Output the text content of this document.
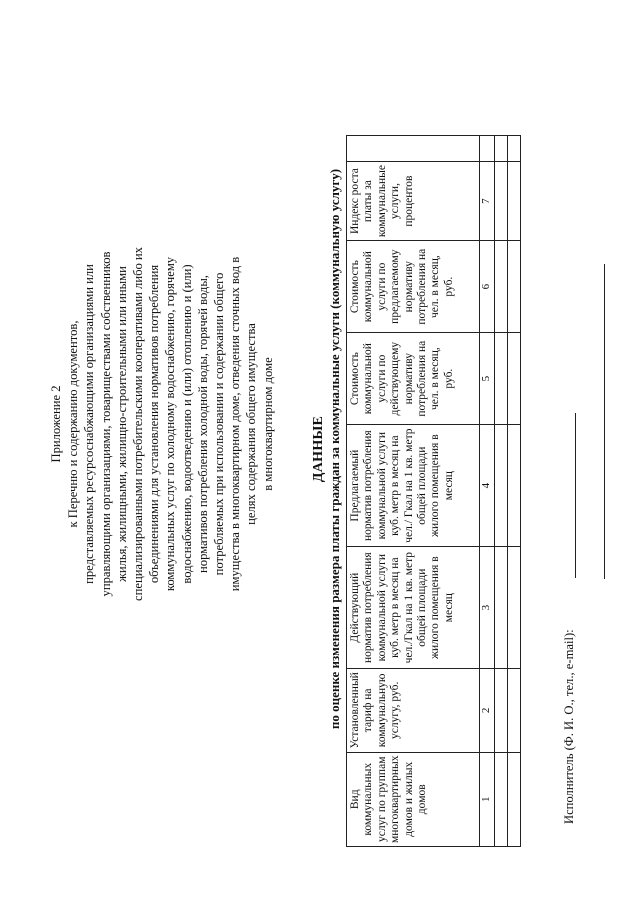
Приложение 2 к Перечню и содержанию документов, представляемых ресурсоснабжающими организациями или управляющими организациями, товариществами собственников жилья, жилищными, жилищно-строительными или иными специализированными потребительскими кооперативами либо их объединениями для установления нормативов потребления коммунальных услуг по холодному водоснабжению, горячему водоснабжению, водоотведению и (или) отоплению и (или) нормативов потребления холодной воды, горячей воды, потребляемых при использовании и содержании общего имущества в многоквартирном доме, отведения сточных вод в целях содержания общего имущества в многоквартирном доме	ДАННЫЕ по оценке изменения размера платы граждан за коммунальные услуги (коммунальную услугу)
Вид коммунальных услуг по группам многоквартирных домов и жилых домов	Установленный тариф на коммунальную услугу, руб.	Действующий норматив потребления коммунальной услуги куб. метр в месяц на чел./Гкал на 1 кв. метр общей площади жилого помещения в месяц	Предлагаемый норматив потребления коммунальной услуги куб. метр в месяц на чел./ Гкал на 1 кв. метр общей площади жилого помещения в месяц	Стоимость коммунальной услуги по действующему нормативу потребления на чел. в месяц, руб.	Стоимость коммунальной услуги по предлагаемому нормативу потребления на чел. в месяц, руб.	Индекс роста платы за коммунальные услуги, процентов	
1	2	3	4	5	6	7	

Исполнитель (Ф. И. О., тел., e-mail):
